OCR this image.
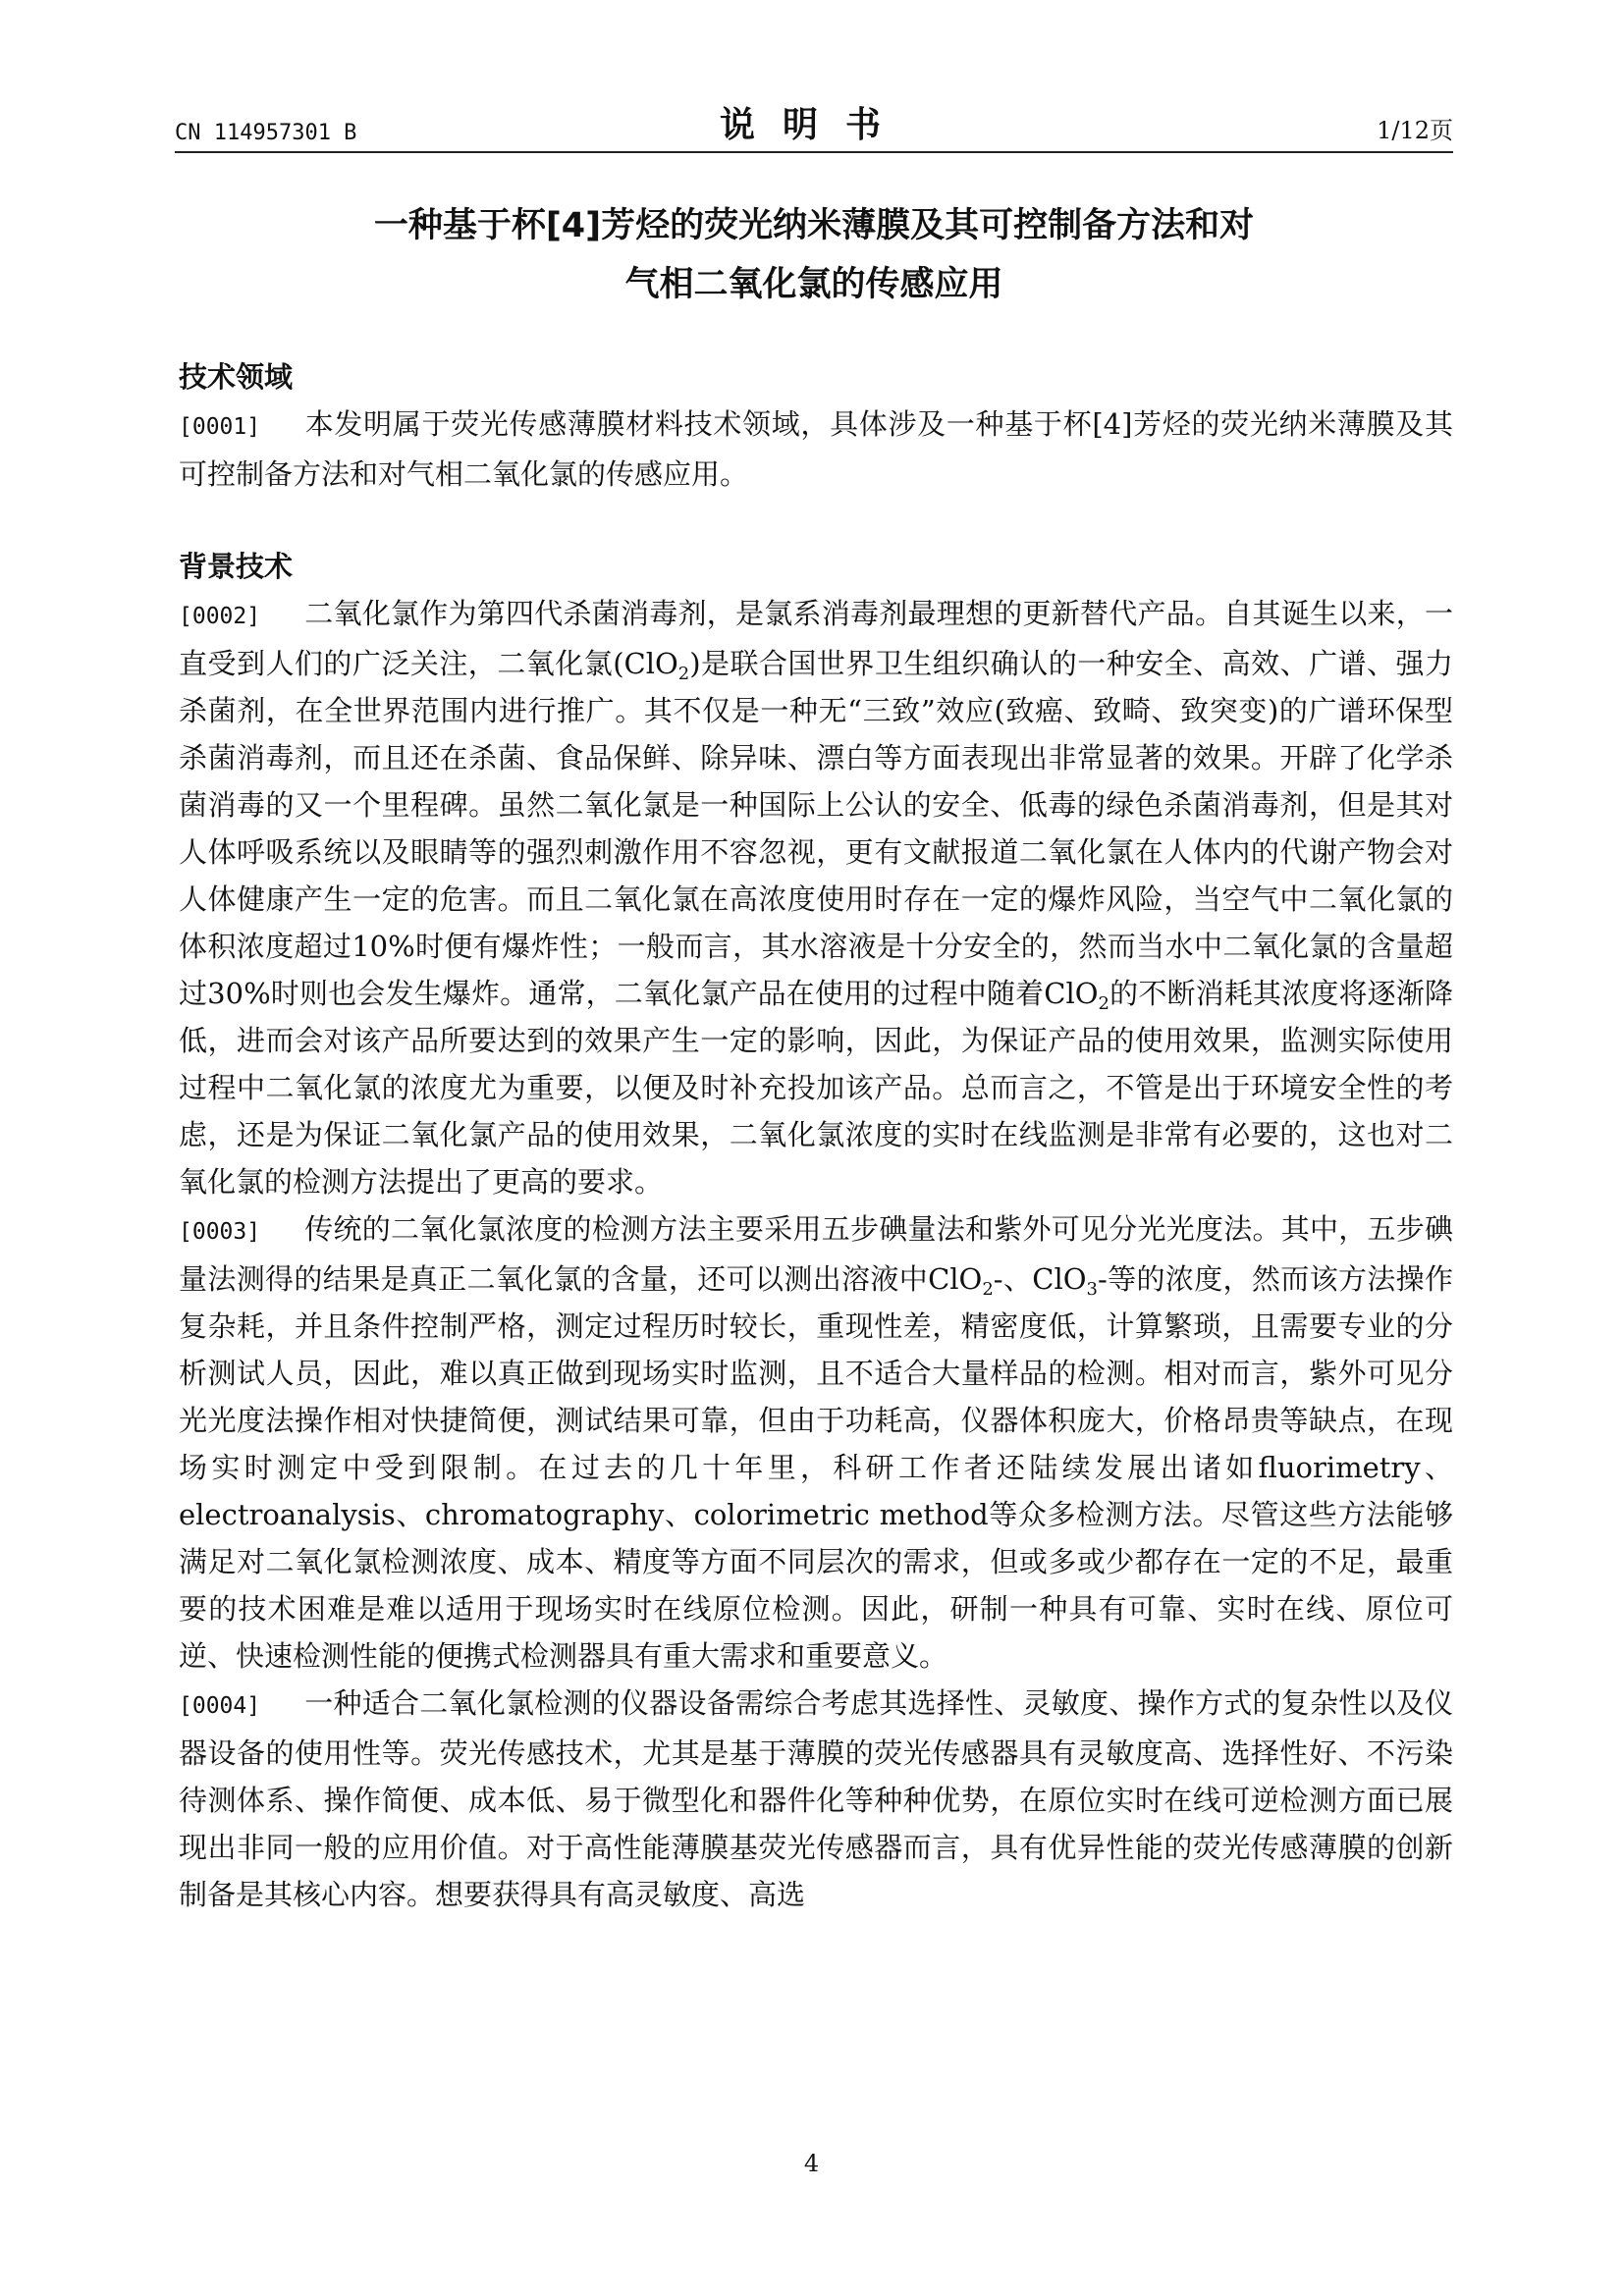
CN 114957301 B	说明书	1/12页
一种基于杯[4]芳烃的荧光纳米薄膜及其可控制备方法和对
气相二氧化氯的传感应用

技术领域

[0001] 本发明属于荧光传感薄膜材料技术领域，具体涉及一种基于杯[4]芳烃的荧光纳米薄膜及其可控制备方法和对气相二氧化氯的传感应用。

背景技术

[0002] 二氧化氯作为第四代杀菌消毒剂，是氯系消毒剂最理想的更新替代产品。自其诞生以来，一直受到人们的广泛关注，二氧化氯(ClO$_2$)是联合国世界卫生组织确认的一种安全、高效、广谱、强力杀菌剂，在全世界范围内进行推广。其不仅是一种无“三致”效应(致癌、致畸、致突变)的广谱环保型杀菌消毒剂，而且还在杀菌、食品保鲜、除异味、漂白等方面表现出非常显著的效果。开辟了化学杀菌消毒的又一个里程碑。虽然二氧化氯是一种国际上公认的安全、低毒的绿色杀菌消毒剂，但是其对人体呼吸系统以及眼睛等的强烈刺激作用不容忽视，更有文献报道二氧化氯在人体内的代谢产物会对人体健康产生一定的危害。而且二氧化氯在高浓度使用时存在一定的爆炸风险，当空气中二氧化氯的体积浓度超过10%时便有爆炸性；一般而言，其水溶液是十分安全的，然而当水中二氧化氯的含量超过30%时则也会发生爆炸。通常，二氧化氯产品在使用的过程中随着ClO$_2$的不断消耗其浓度将逐渐降低，进而会对该产品所要达到的效果产生一定的影响，因此，为保证产品的使用效果，监测实际使用过程中二氧化氯的浓度尤为重要，以便及时补充投加该产品。总而言之，不管是出于环境安全性的考虑，还是为保证二氧化氯产品的使用效果，二氧化氯浓度的实时在线监测是非常有必要的，这也对二氧化氯的检测方法提出了更高的要求。

[0003] 传统的二氧化氯浓度的检测方法主要采用五步碘量法和紫外可见分光光度法。其中，五步碘量法测得的结果是真正二氧化氯的含量，还可以测出溶液中ClO$_2$-、ClO$_3$-等的浓度，然而该方法操作复杂耗，并且条件控制严格，测定过程历时较长，重现性差，精密度低，计算繁琐，且需要专业的分析测试人员，因此，难以真正做到现场实时监测，且不适合大量样品的检测。相对而言，紫外可见分光光度法操作相对快捷简便，测试结果可靠，但由于功耗高，仪器体积庞大，价格昂贵等缺点，在现场实时测定中受到限制。在过去的几十年里，科研工作者还陆续发展出诸如fluorimetry、electroanalysis、chromatography、colorimetric method等众多检测方法。尽管这些方法能够满足对二氧化氯检测浓度、成本、精度等方面不同层次的需求，但或多或少都存在一定的不足，最重要的技术困难是难以适用于现场实时在线原位检测。因此，研制一种具有可靠、实时在线、原位可逆、快速检测性能的便携式检测器具有重大需求和重要意义。

[0004] 一种适合二氧化氯检测的仪器设备需综合考虑其选择性、灵敏度、操作方式的复杂性以及仪器设备的使用性等。荧光传感技术，尤其是基于薄膜的荧光传感器具有灵敏度高、选择性好、不污染待测体系、操作简便、成本低、易于微型化和器件化等种种优势，在原位实时在线可逆检测方面已展现出非同一般的应用价值。对于高性能薄膜基荧光传感器而言，具有优异性能的荧光传感薄膜的创新制备是其核心内容。想要获得具有高灵敏度、高选

4
